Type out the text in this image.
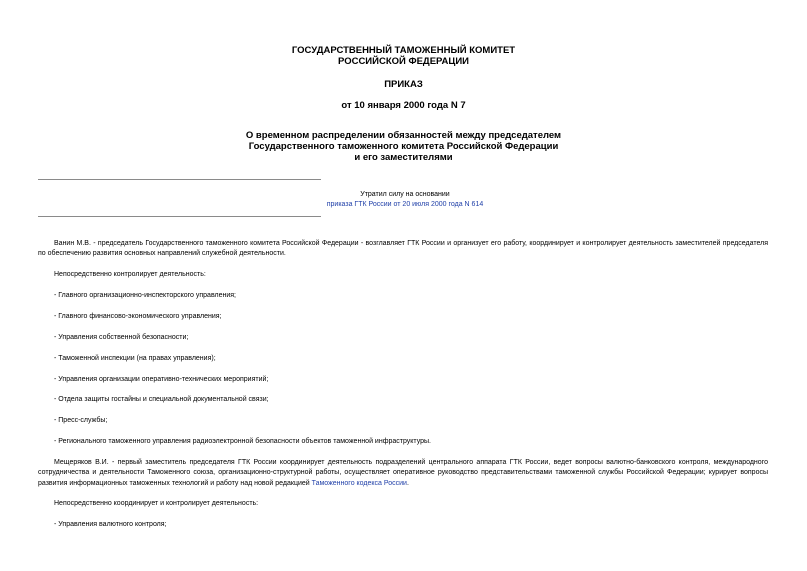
ГОСУДАРСТВЕННЫЙ ТАМОЖЕННЫЙ КОМИТЕТ
РОССИЙСКОЙ ФЕДЕРАЦИИ
ПРИКАЗ
от 10 января 2000 года N 7
О временном распределении обязанностей между председателем
Государственного таможенного комитета Российской Федерации
и его заместителями
Утратил силу на основании
приказа ГТК России от 20 июля 2000 года N 614
Ванин М.В. - председатель Государственного таможенного комитета Российской Федерации - возглавляет ГТК России и организует его работу, координирует и контролирует деятельность заместителей председателя по обеспечению развития основных направлений служебной деятельности.
Непосредственно контролирует деятельность:
- Главного организационно-инспекторского управления;
- Главного финансово-экономического управления;
- Управления собственной безопасности;
- Таможенной инспекции (на правах управления);
- Управления организации оперативно-технических мероприятий;
- Отдела защиты гостайны и специальной документальной связи;
- Пресс-службы;
- Регионального таможенного управления радиоэлектронной безопасности объектов таможенной инфраструктуры.
Мещеряков В.И. - первый заместитель председателя ГТК России координирует деятельность подразделений центрального аппарата ГТК России, ведет вопросы валютно-банковского контроля, международного сотрудничества и деятельности Таможенного союза, организационно-структурной работы, осуществляет оперативное руководство представительствами таможенной службы Российской Федерации; курирует вопросы развития информационных таможенных технологий и работу над новой редакцией Таможенного кодекса России.
Непосредственно координирует и контролирует деятельность:
- Управления валютного контроля;
